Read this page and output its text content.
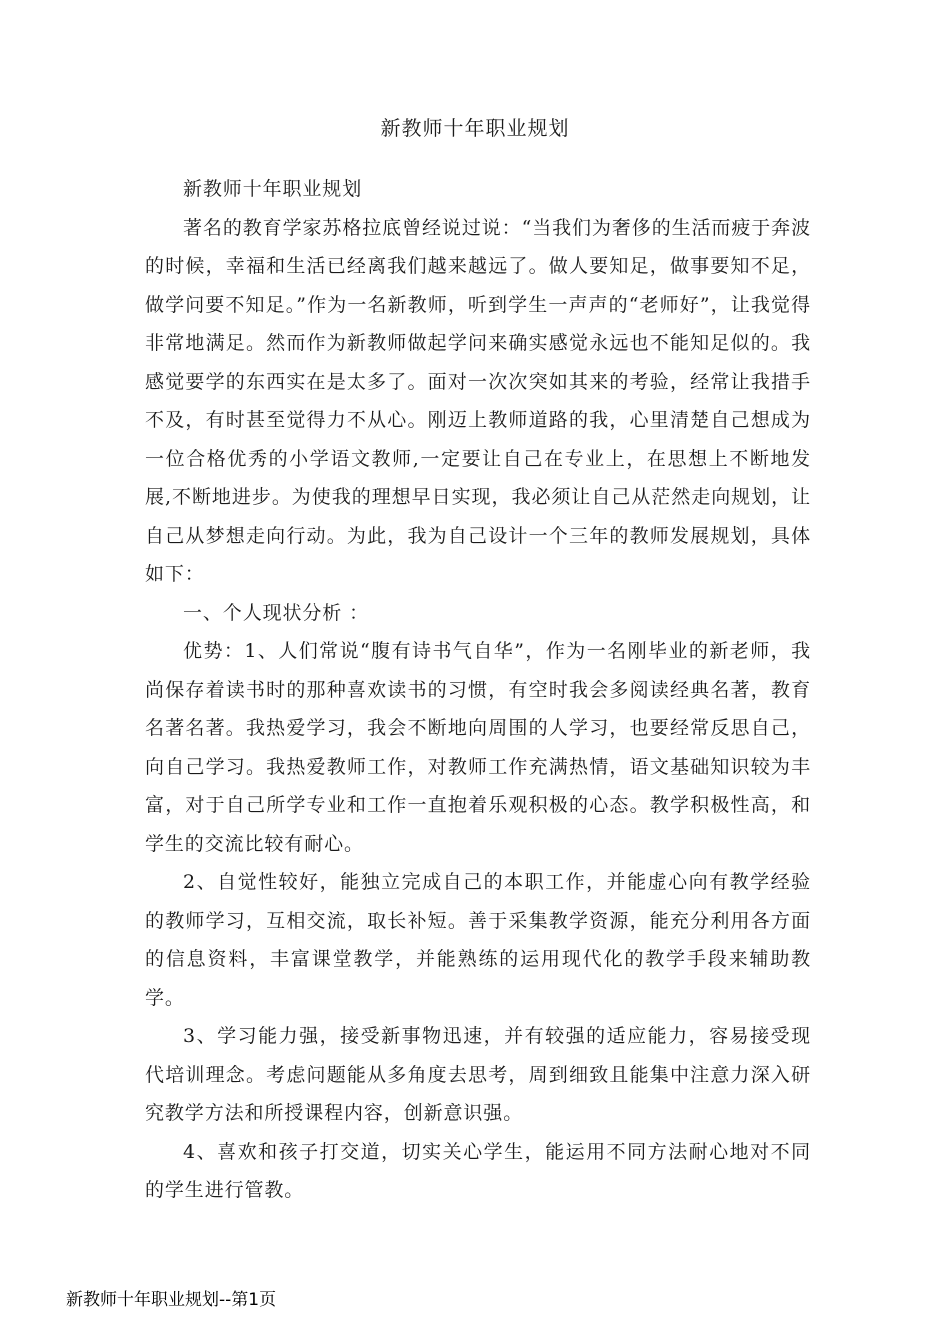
新教师十年职业规划

新教师十年职业规划

著名的教育学家苏格拉底曾经说过说：“当我们为奢侈的生活而疲于奔波的时候，幸福和生活已经离我们越来越远了。做人要知足，做事要知不足，做学问要不知足。”作为一名新教师，听到学生一声声的“老师好”，让我觉得非常地满足。然而作为新教师做起学问来确实感觉永远也不能知足似的。我感觉要学的东西实在是太多了。面对一次次突如其来的考验，经常让我措手不及，有时甚至觉得力不从心。刚迈上教师道路的我，心里清楚自己想成为一位合格优秀的小学语文教师,一定要让自己在专业上，在思想上不断地发展,不断地进步。为使我的理想早日实现，我必须让自己从茫然走向规划，让自己从梦想走向行动。为此，我为自己设计一个三年的教师发展规划，具体如下：

一、个人现状分析 ：

优势：1、人们常说“腹有诗书气自华”，作为一名刚毕业的新老师，我尚保存着读书时的那种喜欢读书的习惯，有空时我会多阅读经典名著，教育名著名著。我热爱学习，我会不断地向周围的人学习，也要经常反思自己，向自己学习。我热爱教师工作，对教师工作充满热情，语文基础知识较为丰富，对于自己所学专业和工作一直抱着乐观积极的心态。教学积极性高，和学生的交流比较有耐心。

2、自觉性较好，能独立完成自己的本职工作，并能虚心向有教学经验的教师学习，互相交流，取长补短。善于采集教学资源，能充分利用各方面的信息资料，丰富课堂教学，并能熟练的运用现代化的教学手段来辅助教学。

3、学习能力强，接受新事物迅速，并有较强的适应能力，容易接受现代培训理念。考虑问题能从多角度去思考，周到细致且能集中注意力深入研究教学方法和所授课程内容，创新意识强。

4、喜欢和孩子打交道，切实关心学生，能运用不同方法耐心地对不同的学生进行管教。

新教师十年职业规划--第1页
